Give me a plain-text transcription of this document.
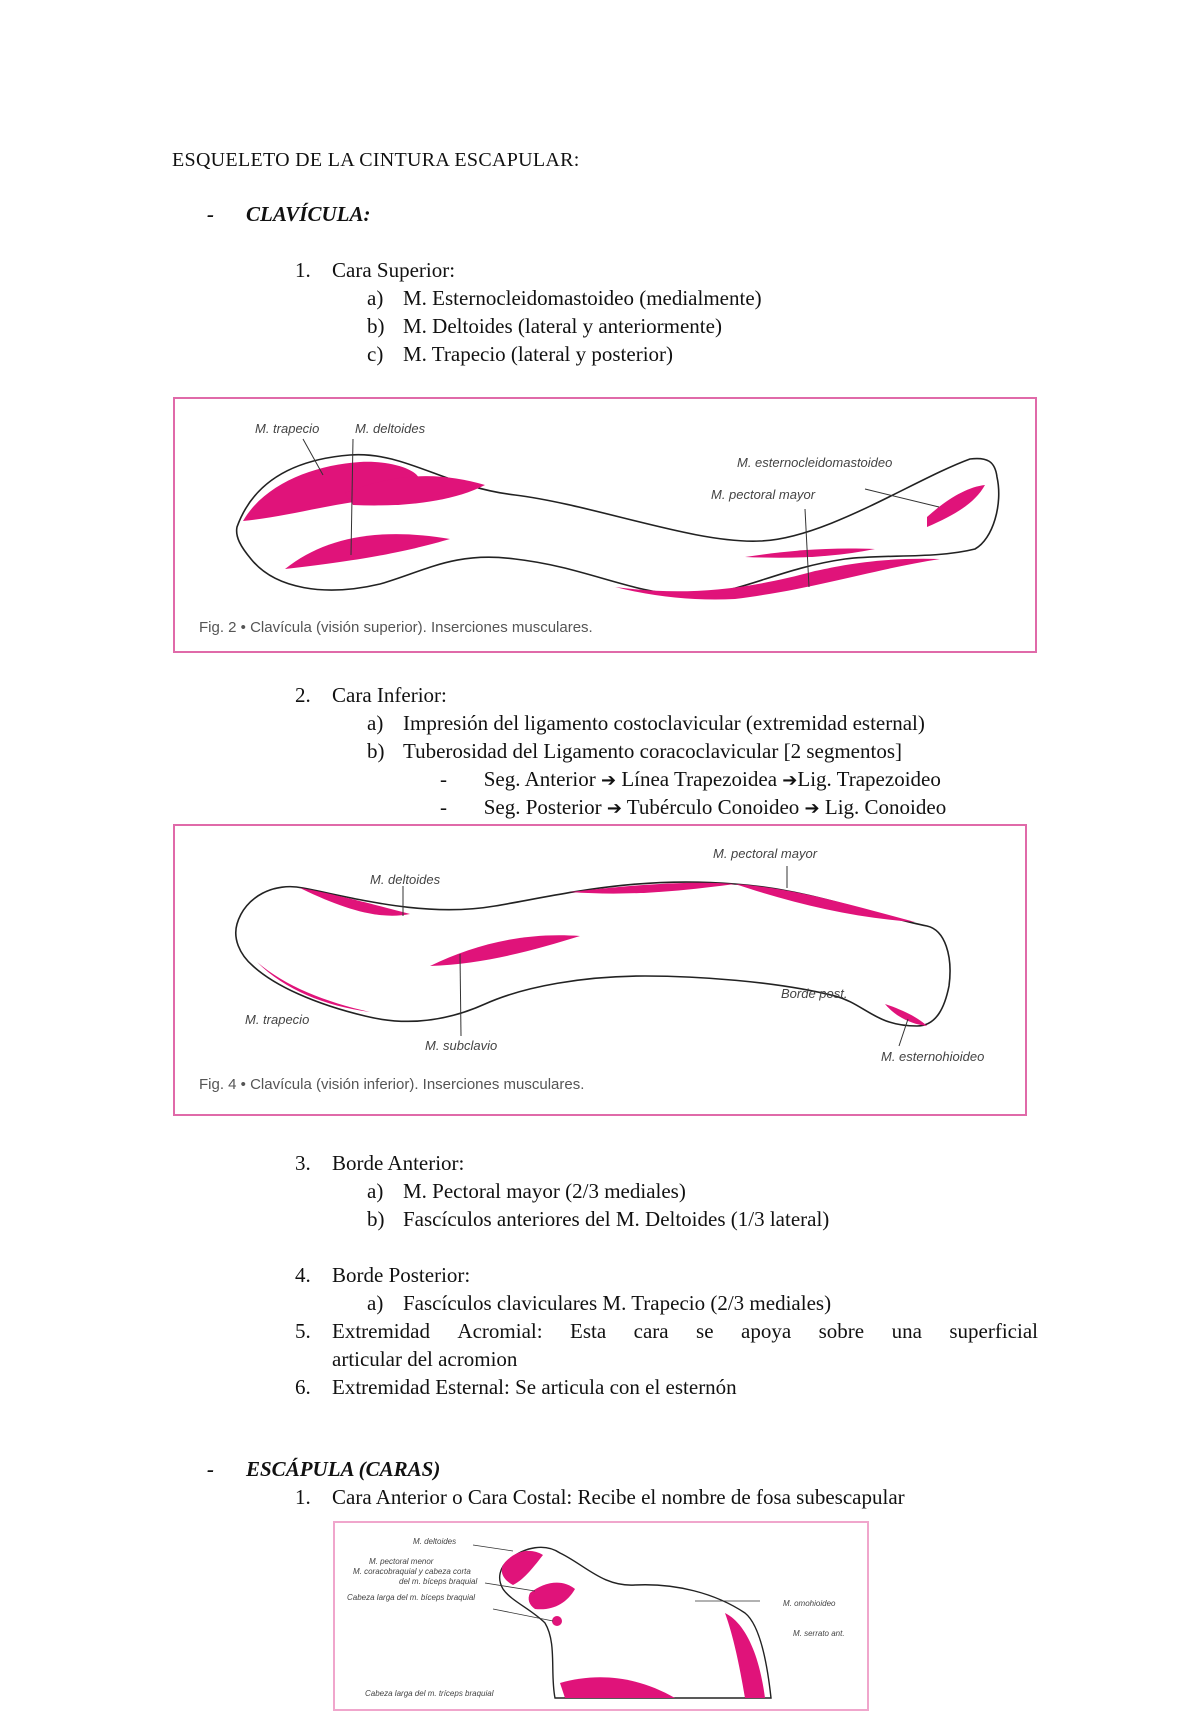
ESQUELETO DE LA CINTURA ESCAPULAR:
- CLAVÍCULA:
1. Cara Superior:
a) M. Esternocleidomastoideo (medialmente)
b) M. Deltoides (lateral y anteriormente)
c) M. Trapecio (lateral y posterior)
M. trapecio	M. deltoides
M. esternocleidomastoideo
M. pectoral mayor
Fig. 2 • Clavícula (visión superior). Inserciones musculares.
2. Cara Inferior:
a) Impresión del ligamento costoclavicular (extremidad esternal)
b) Tuberosidad del Ligamento coracoclavicular [2 segmentos]
- Seg. Anterior ➔ Línea Trapezoidea ➔Lig. Trapezoideo
- Seg. Posterior ➔ Tubérculo Conoideo ➔ Lig. Conoideo
M. deltoides
M. pectoral mayor
M. trapecio
M. subclavio
Borde post.
M. esternohioideo
Fig. 4 • Clavícula (visión inferior). Inserciones musculares.
3. Borde Anterior:
a) M. Pectoral mayor (2/3 mediales)
b) Fascículos anteriores del M. Deltoides (1/3 lateral)
4. Borde Posterior:
a) Fascículos claviculares M. Trapecio (2/3 mediales)
5. Extremidad Acromial: Esta cara se apoya sobre una superficial
articular del acromion
6. Extremidad Esternal: Se articula con el esternón
- ESCÁPULA (CARAS)
1. Cara Anterior o Cara Costal: Recibe el nombre de fosa subescapular
M. deltoides
M. pectoral menor
M. coracobraquial y cabeza corta
del m. bíceps braquial
Cabeza larga del m. bíceps braquial
M. omohioideo
M. serrato ant.
Cabeza larga del m. tríceps braquial
